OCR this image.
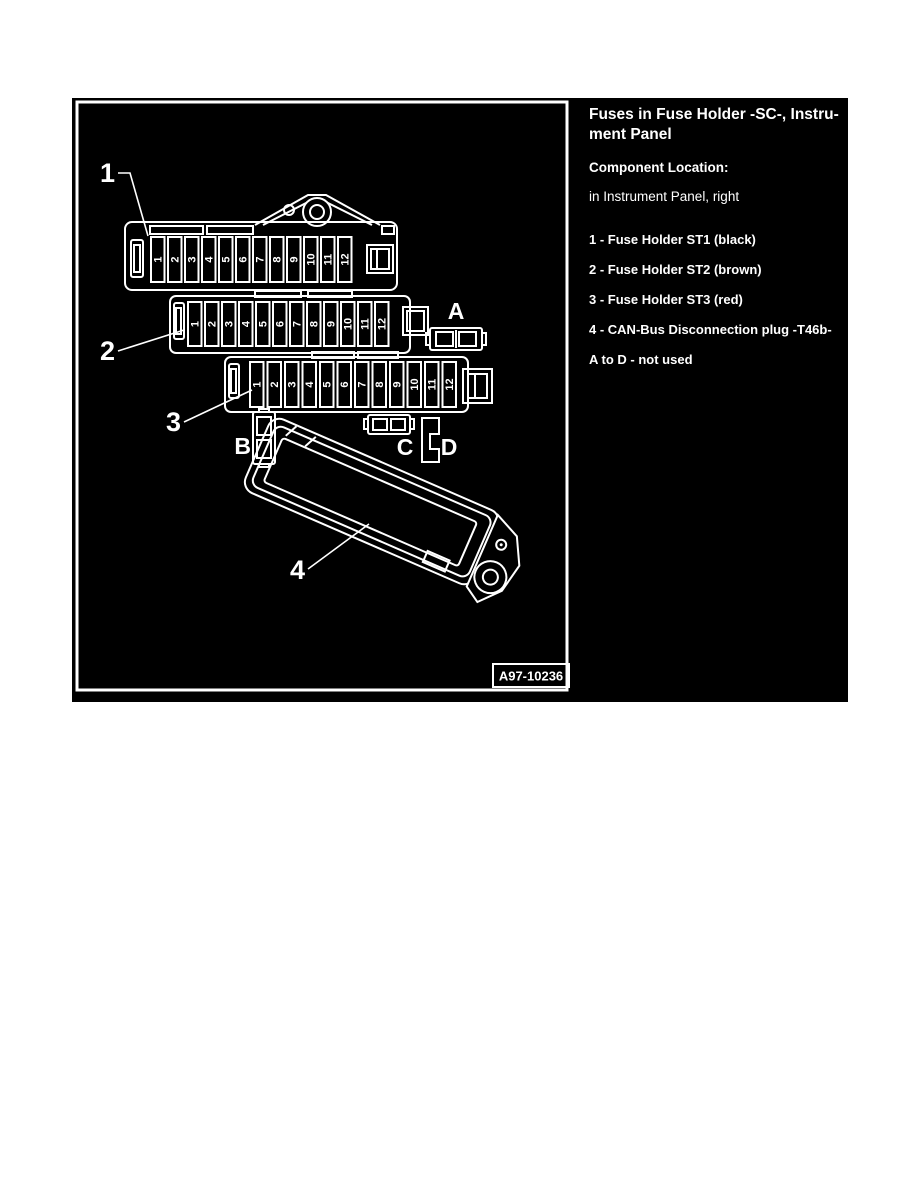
1 2 3 4 5 6 7 8 9 10 11 12
1 2 3 4 5 6 7 8 9 10 11 12
1 2 3 4 5 6 7 8 9 10 11 12
1
2
3
4
A
B	C D
A97-10236
Fuses in Fuse Holder -SC-, Instru-
ment Panel
Component Location:
in Instrument Panel, right
1 - Fuse Holder ST1 (black)
2 - Fuse Holder ST2 (brown)
3 - Fuse Holder ST3 (red)
4 - CAN-Bus Disconnection plug -T46b-
A to D - not used
